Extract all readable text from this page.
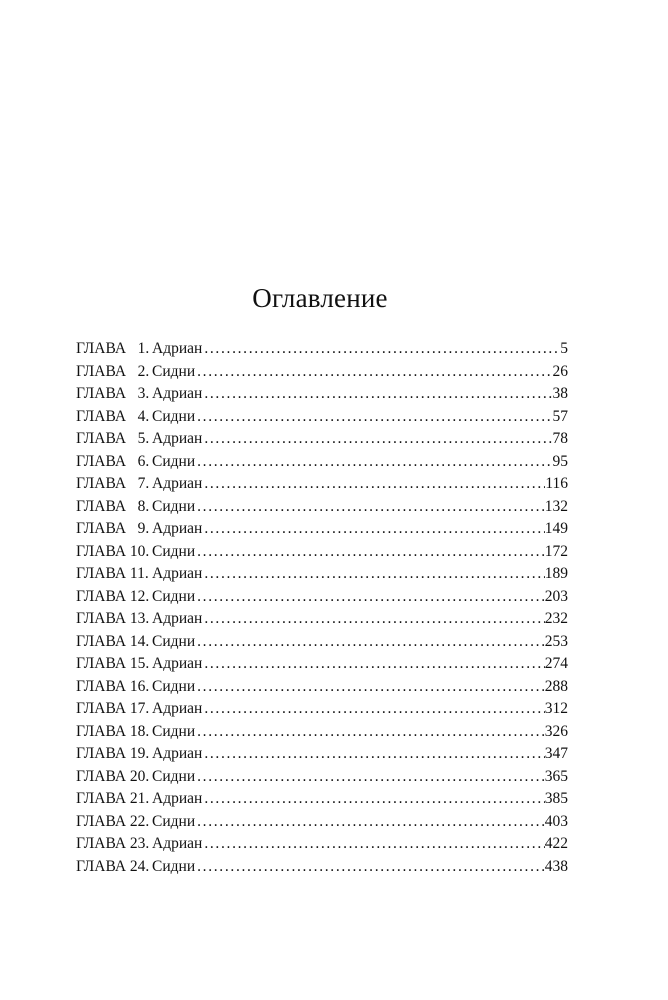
Оглавление
ГЛАВА   1. Адриан . . .	5
ГЛАВА   2. Сидни . . .	26
ГЛАВА   3. Адриан . . .	38
ГЛАВА   4. Сидни . . .	57
ГЛАВА   5. Адриан . . .	78
ГЛАВА   6. Сидни . . .	95
ГЛАВА   7. Адриан . . .	116
ГЛАВА   8. Сидни . . .	132
ГЛАВА   9. Адриан . . .	149
ГЛАВА 10. Сидни . . .	172
ГЛАВА 11. Адриан . . .	189
ГЛАВА 12. Сидни . . .	203
ГЛАВА 13. Адриан . . .	232
ГЛАВА 14. Сидни . . .	253
ГЛАВА 15. Адриан . . .	274
ГЛАВА 16. Сидни . . .	288
ГЛАВА 17. Адриан . . .	312
ГЛАВА 18. Сидни . . .	326
ГЛАВА 19. Адриан . . .	347
ГЛАВА 20. Сидни . . .	365
ГЛАВА 21. Адриан . . .	385
ГЛАВА 22. Сидни . . .	403
ГЛАВА 23. Адриан . . .	422
ГЛАВА 24. Сидни . . .	438
